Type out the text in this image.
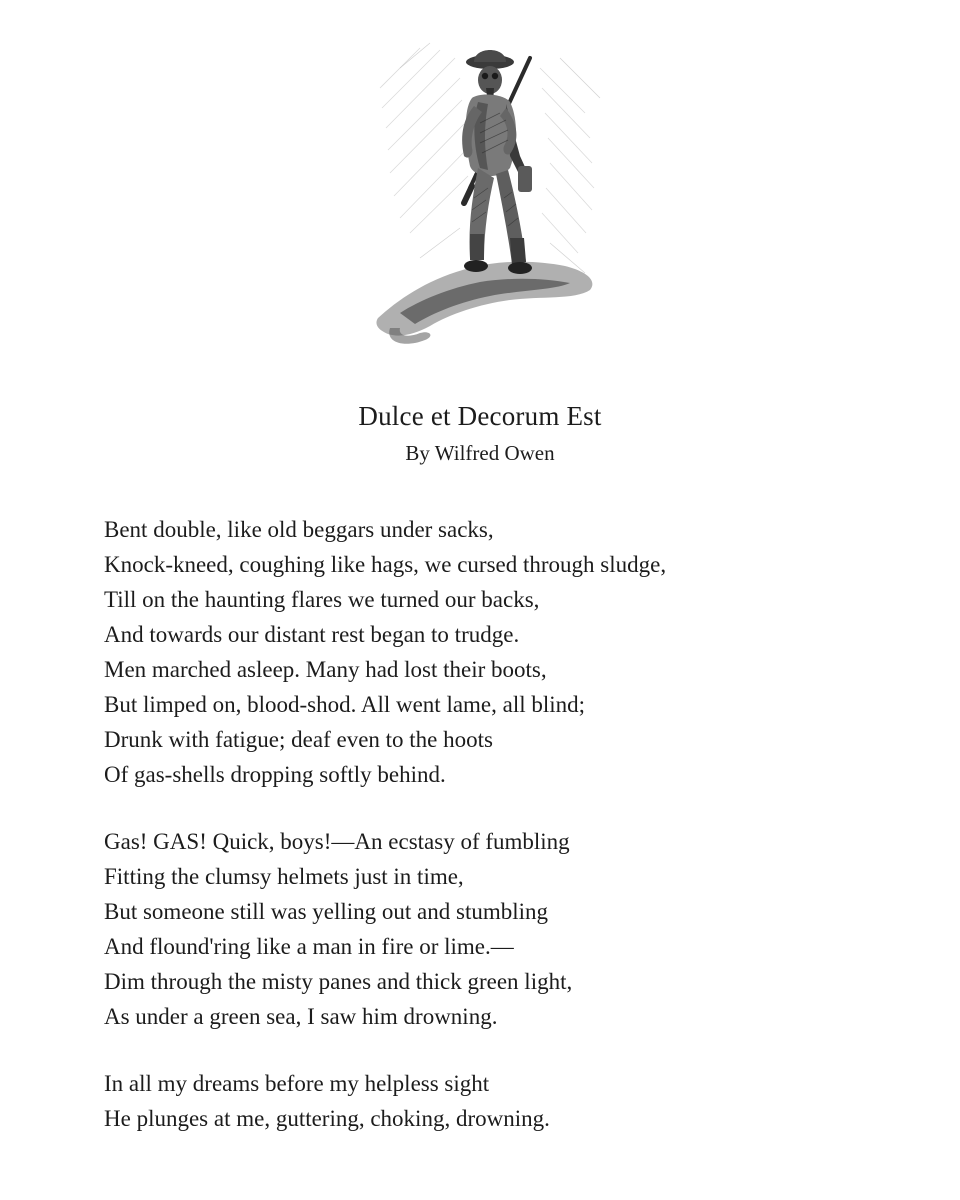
Dulce et Decorum Est
By Wilfred Owen
Bent double, like old beggars under sacks,
Knock-kneed, coughing like hags, we cursed through sludge,
Till on the haunting flares we turned our backs,
And towards our distant rest began to trudge.
Men marched asleep. Many had lost their boots,
But limped on, blood-shod. All went lame, all blind;
Drunk with fatigue; deaf even to the hoots
Of gas-shells dropping softly behind.
Gas! GAS! Quick, boys!—An ecstasy of fumbling
Fitting the clumsy helmets just in time,
But someone still was yelling out and stumbling
And flound'ring like a man in fire or lime.—
Dim through the misty panes and thick green light,
As under a green sea, I saw him drowning.
In all my dreams before my helpless sight
He plunges at me, guttering, choking, drowning.
